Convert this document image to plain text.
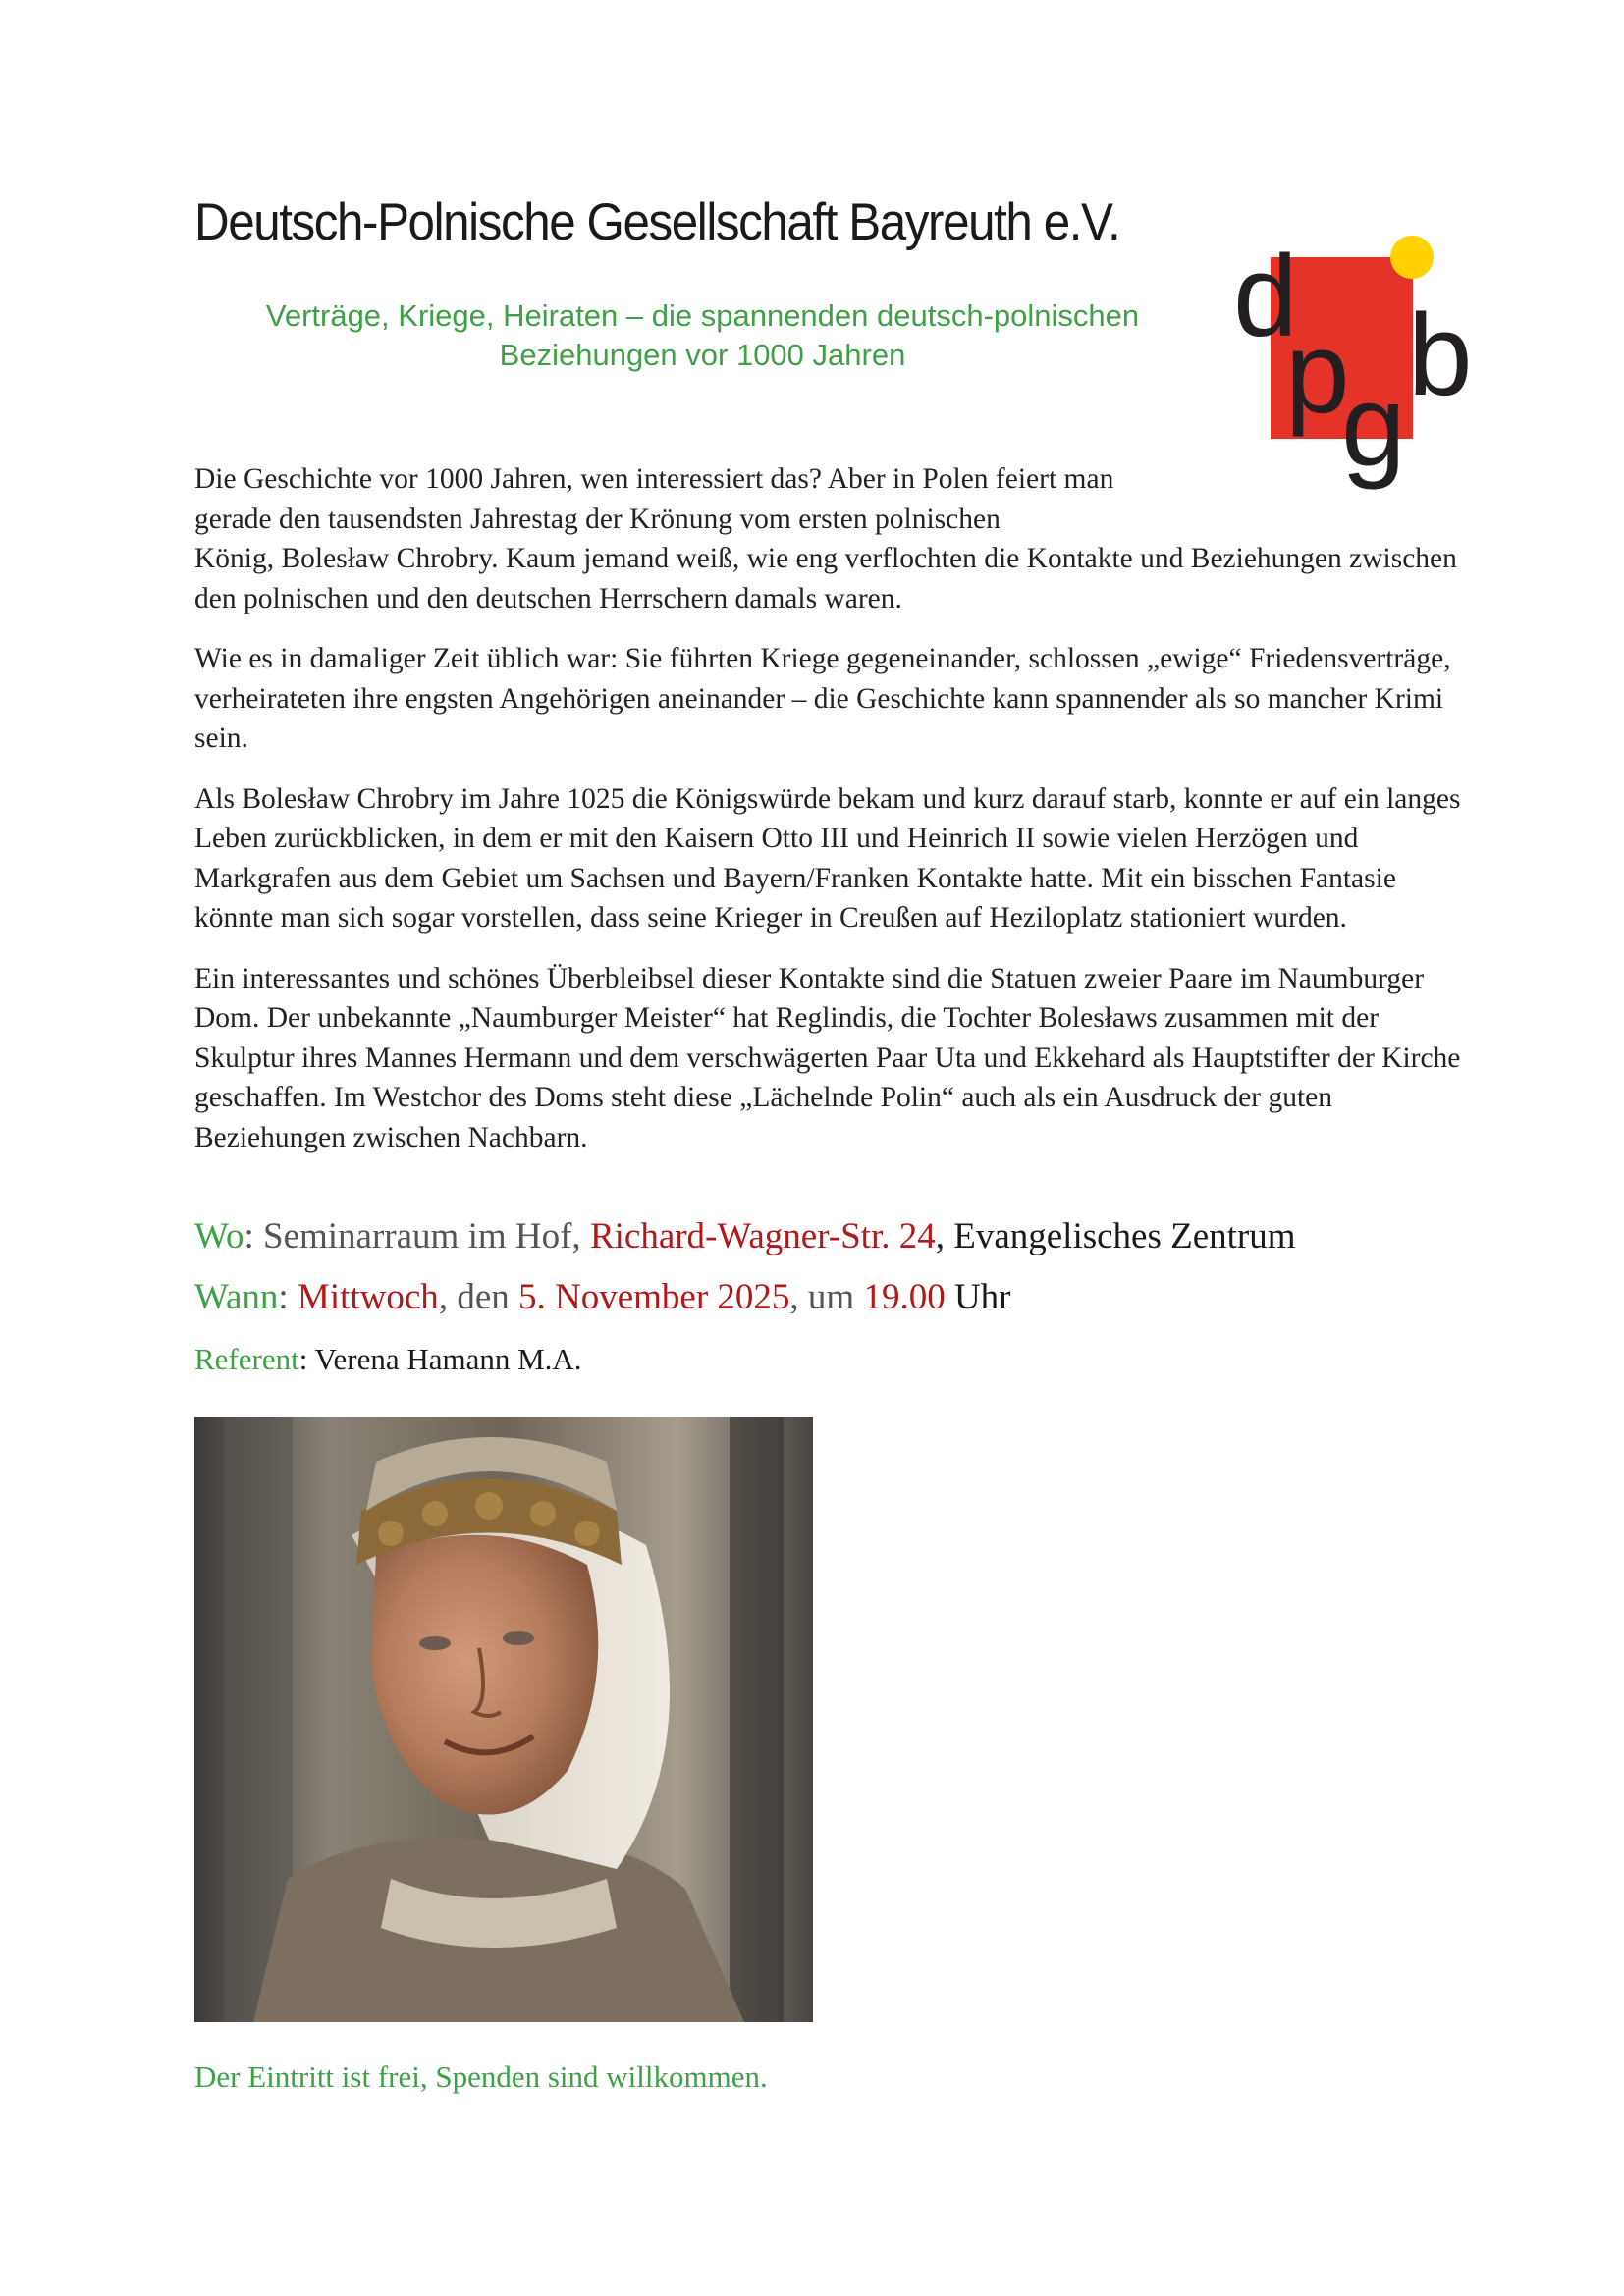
Deutsch-Polnische Gesellschaft Bayreuth e.V.
Verträge, Kriege, Heiraten – die spannenden deutsch-polnischen
Beziehungen vor 1000 Jahren	d
p
g
b

Die Geschichte vor 1000 Jahren, wen interessiert das? Aber in Polen feiert man gerade den tausendsten Jahrestag der Krönung vom ersten polnischen
König, Bolesław Chrobry. Kaum jemand weiß, wie eng verflochten die Kontakte und Beziehungen zwischen den polnischen und den deutschen Herrschern damals waren.

Wie es in damaliger Zeit üblich war: Sie führten Kriege gegeneinander, schlossen „ewige“ Friedensverträge, verheirateten ihre engsten Angehörigen aneinander – die Geschichte kann spannender als so mancher Krimi sein.

Als Bolesław Chrobry im Jahre 1025 die Königswürde bekam und kurz darauf starb, konnte er auf ein langes Leben zurückblicken, in dem er mit den Kaisern Otto III und Heinrich II sowie vielen Herzögen und Markgrafen aus dem Gebiet um Sachsen und Bayern/Franken Kontakte hatte. Mit ein bisschen Fantasie könnte man sich sogar vorstellen, dass seine Krieger in Creußen auf Heziloplatz stationiert wurden.

Ein interessantes und schönes Überbleibsel dieser Kontakte sind die Statuen zweier Paare im Naumburger Dom. Der unbekannte „Naumburger Meister“ hat Reglindis, die Tochter Bolesławs zusammen mit der Skulptur ihres Mannes Hermann und dem verschwägerten Paar Uta und Ekkehard als Hauptstifter der Kirche geschaffen. Im Westchor des Doms steht diese „Lächelnde Polin“ auch als ein Ausdruck der guten Beziehungen zwischen Nachbarn.

Wo: Seminarraum im Hof, Richard-Wagner-Str. 24, Evangelisches Zentrum
Wann: Mittwoch, den 5. November 2025, um 19.00 Uhr
Referent: Verena Hamann M.A.
Der Eintritt ist frei, Spenden sind willkommen.
